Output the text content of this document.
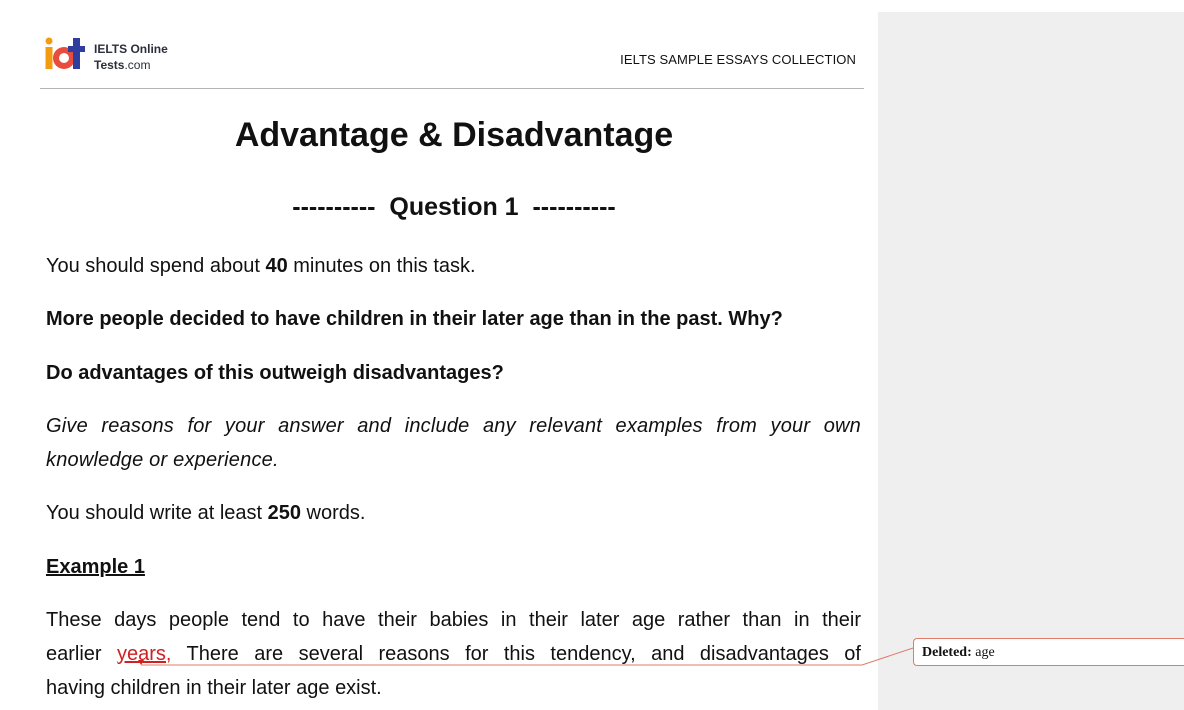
IELTS Online
Tests.com	IELTS SAMPLE ESSAYS COLLECTION
Advantage & Disadvantage
----------  Question 1  ----------
You should spend about 40 minutes on this task.
More people decided to have children in their later age than in the past. Why?
Do advantages of this outweigh disadvantages?
Give reasons for your answer and include any relevant examples from your own knowledge or experience.
You should write at least 250 words.
Example 1
These days people tend to have their babies in their later age rather than in their
earlier years, There are several reasons for this tendency, and disadvantages of
having children in their later age exist.
Deleted: age
